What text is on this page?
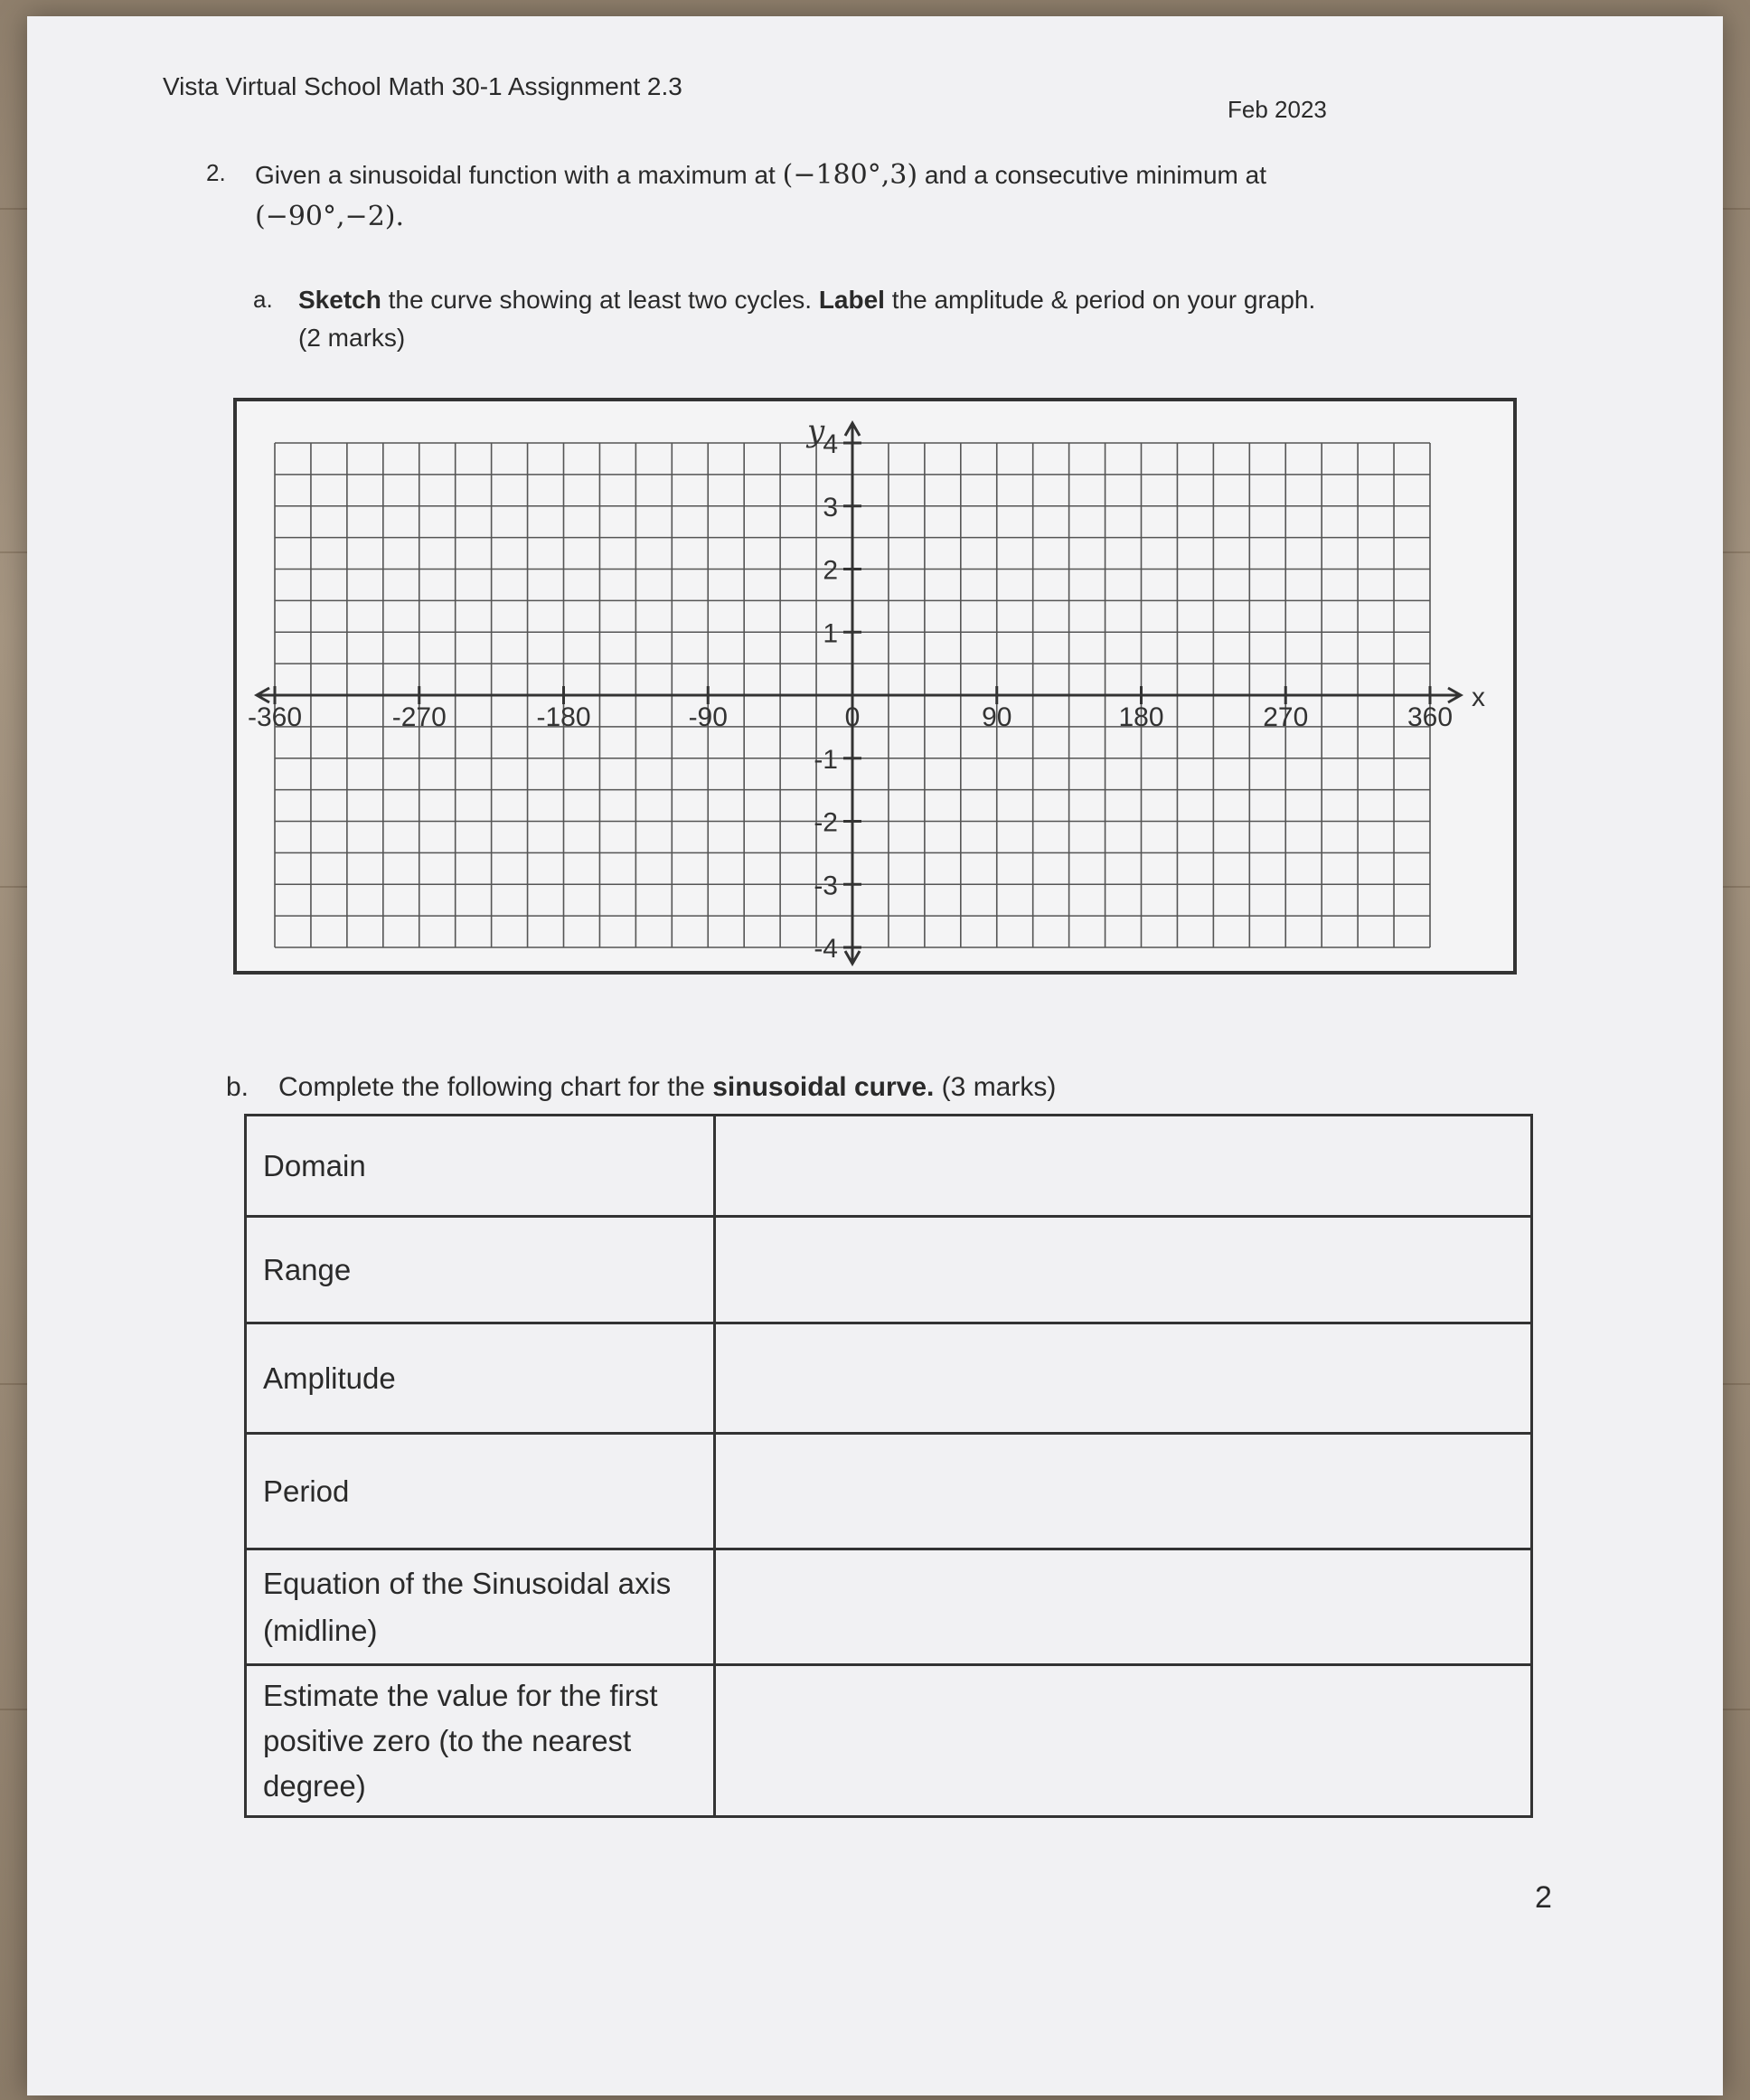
Vista Virtual School Math 30-1 Assignment 2.3
Feb 2023
2. Given a sinusoidal function with a maximum at (−180°,3) and a consecutive minimum at
(−90°,−2).
a. Sketch the curve showing at least two cycles. Label the amplitude & period on your graph.
(2 marks)
4
3
2
1
-1
-2
-3
-4
-360	-270	-180	-90	0	90	180	270	360
x
y
b. Complete the following chart for the sinusoidal curve. (3 marks)
Domain	
Range	
Amplitude	
Period	
Equation of the Sinusoidal axis (midline)	
Estimate the value for the first positive zero (to the nearest degree)	
2
